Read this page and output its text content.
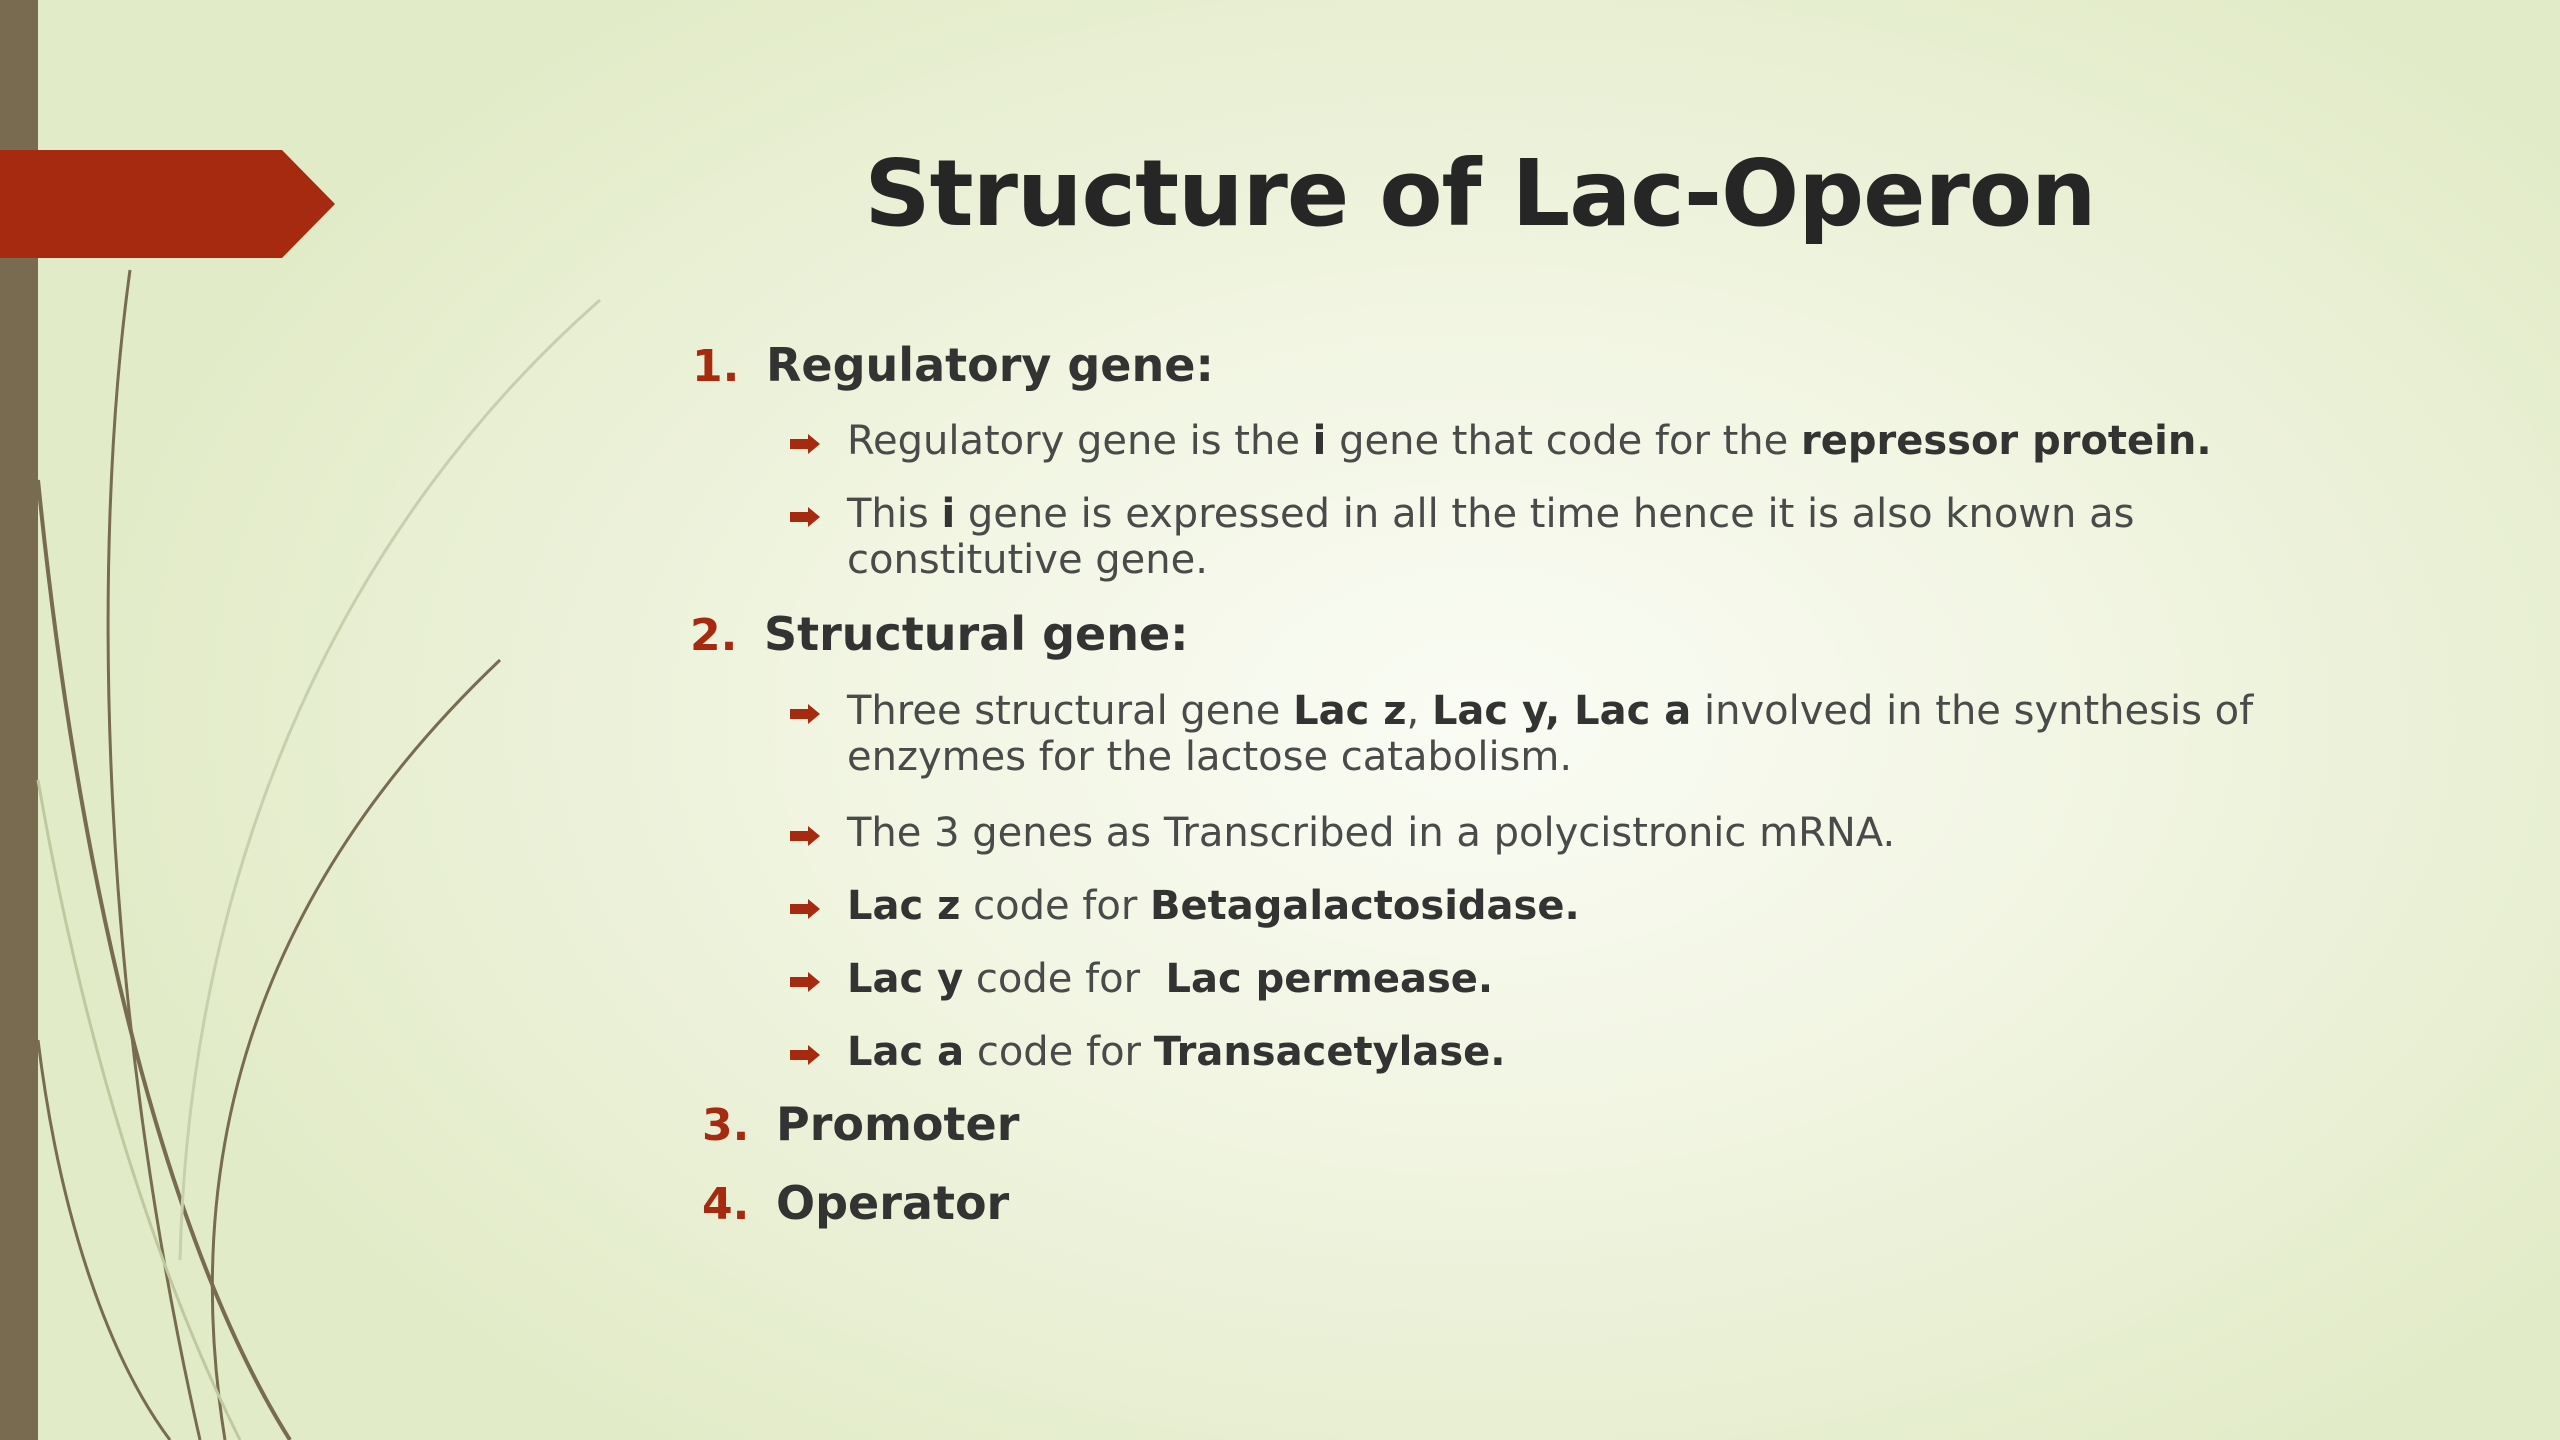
Structure of Lac-Operon
1. Regulatory gene:
Regulatory gene is the i gene that code for the repressor protein.
This i gene is expressed in all the time hence it is also known as constitutive gene.
2. Structural gene:
Three structural gene Lac z, Lac y, Lac a involved in the synthesis of enzymes for the lactose catabolism.
The 3 genes as Transcribed in a polycistronic mRNA.
Lac z code for Betagalactosidase.
Lac y code for  Lac permease.
Lac a code for Transacetylase.
3. Promoter
4. Operator
